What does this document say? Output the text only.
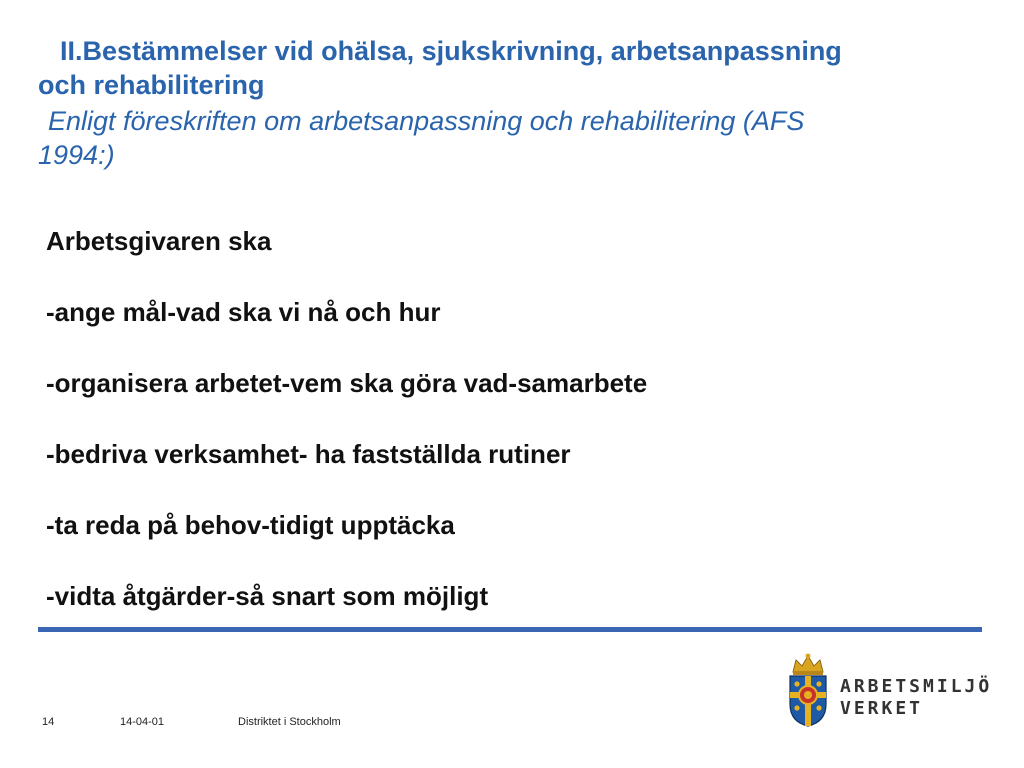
II.Bestämmelser vid ohälsa, sjukskrivning, arbetsanpassning

och rehabilitering

Enligt föreskriften om arbetsanpassning och rehabilitering (AFS
1994:)

Arbetsgivaren ska

-ange mål-vad ska vi nå och hur

-organisera arbetet-vem ska göra vad-samarbete

-bedriva verksamhet- ha fastställda rutiner

-ta reda på behov-tidigt upptäcka

-vidta åtgärder-så snart som möjligt

14	14-04-01	Distriktet i Stockholm
ARBETSMILJÖ
VERKET
